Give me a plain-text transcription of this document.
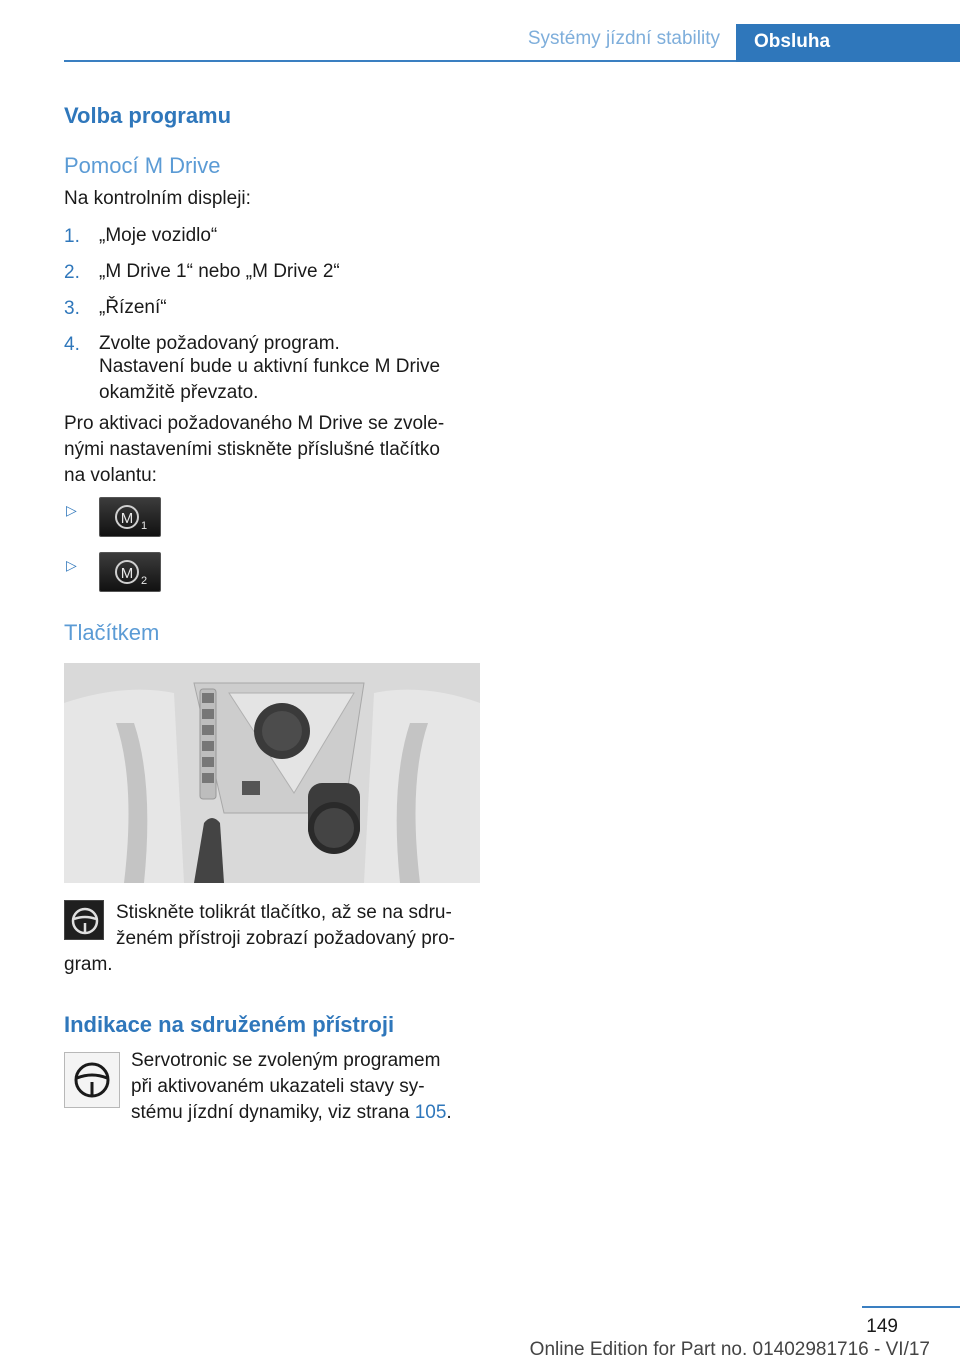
Systémy jízdní stability Obsluha
Volba programu
Pomocí M Drive
Na kontrolním displeji:
1. „Moje vozidlo“
2. „M Drive 1“ nebo „M Drive 2“
3. „Řízení“
4. Zvolte požadovaný program.
Nastavení bude u aktivní funkce M Drive
okamžitě převzato.
Pro aktivaci požadovaného M Drive se zvole-
nými nastaveními stiskněte příslušné tlačítko
na volantu:
▷	M 1
▷	M 2
Tlačítkem
Stiskněte tolikrát tlačítko, až se na sdru-
ženém přístroji zobrazí požadovaný pro-
gram.
Indikace na sdruženém přístroji
Servotronic se zvoleným programem
při aktivovaném ukazateli stavy sy-
stému jízdní dynamiky, viz strana 105.
149
Online Edition for Part no. 01402981716 - VI/17
